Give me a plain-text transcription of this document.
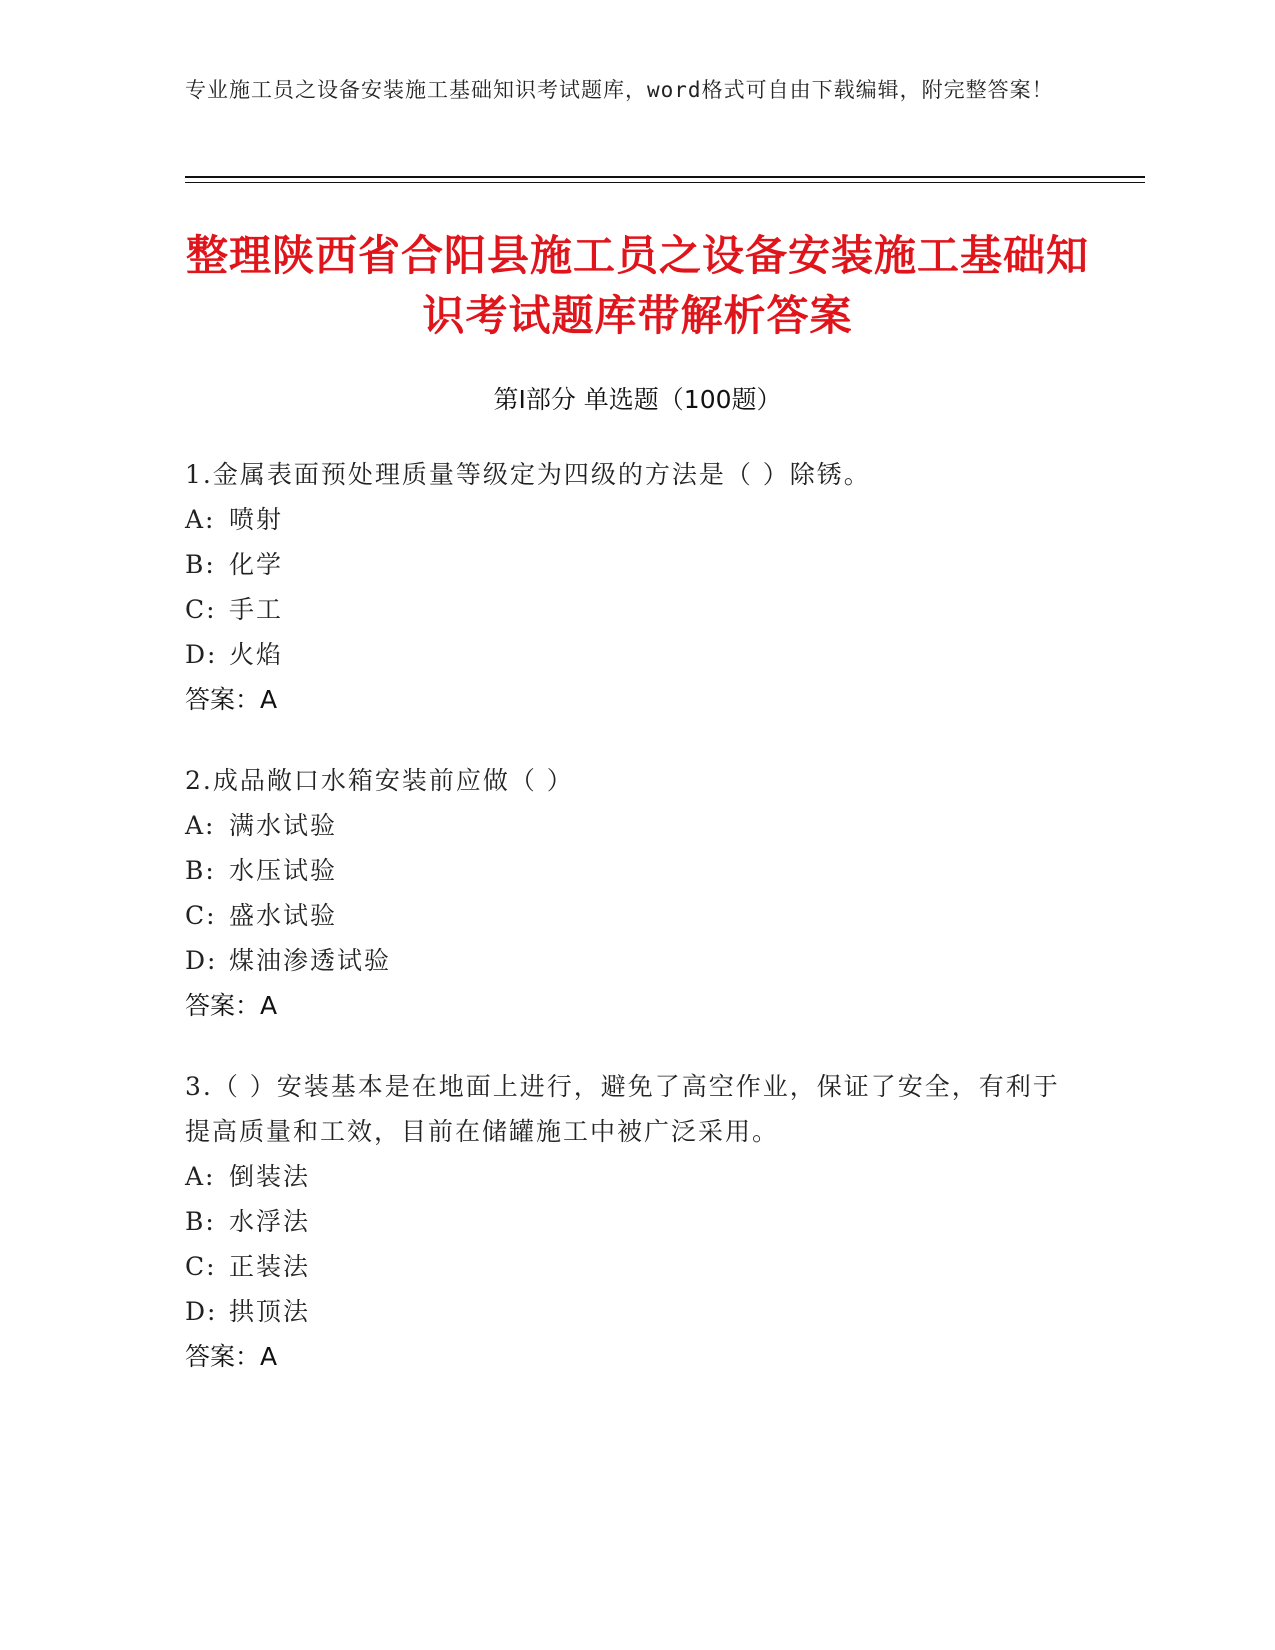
专业施工员之设备安装施工基础知识考试题库，word格式可自由下载编辑，附完整答案！
整理陕西省合阳县施工员之设备安装施工基础知识考试题库带解析答案
第Ⅰ部分 单选题（100题）

1.金属表面预处理质量等级定为四级的方法是（ ）除锈。

A: 喷射
B: 化学
C: 手工
D: 火焰
答案：A

2.成品敞口水箱安装前应做（ ）

A: 满水试验
B: 水压试验
C: 盛水试验
D: 煤油渗透试验
答案：A

3.（ ）安装基本是在地面上进行，避免了高空作业，保证了安全，有利于提高质量和工效，目前在储罐施工中被广泛采用。

A: 倒装法
B: 水浮法
C: 正装法
D: 拱顶法
答案：A
